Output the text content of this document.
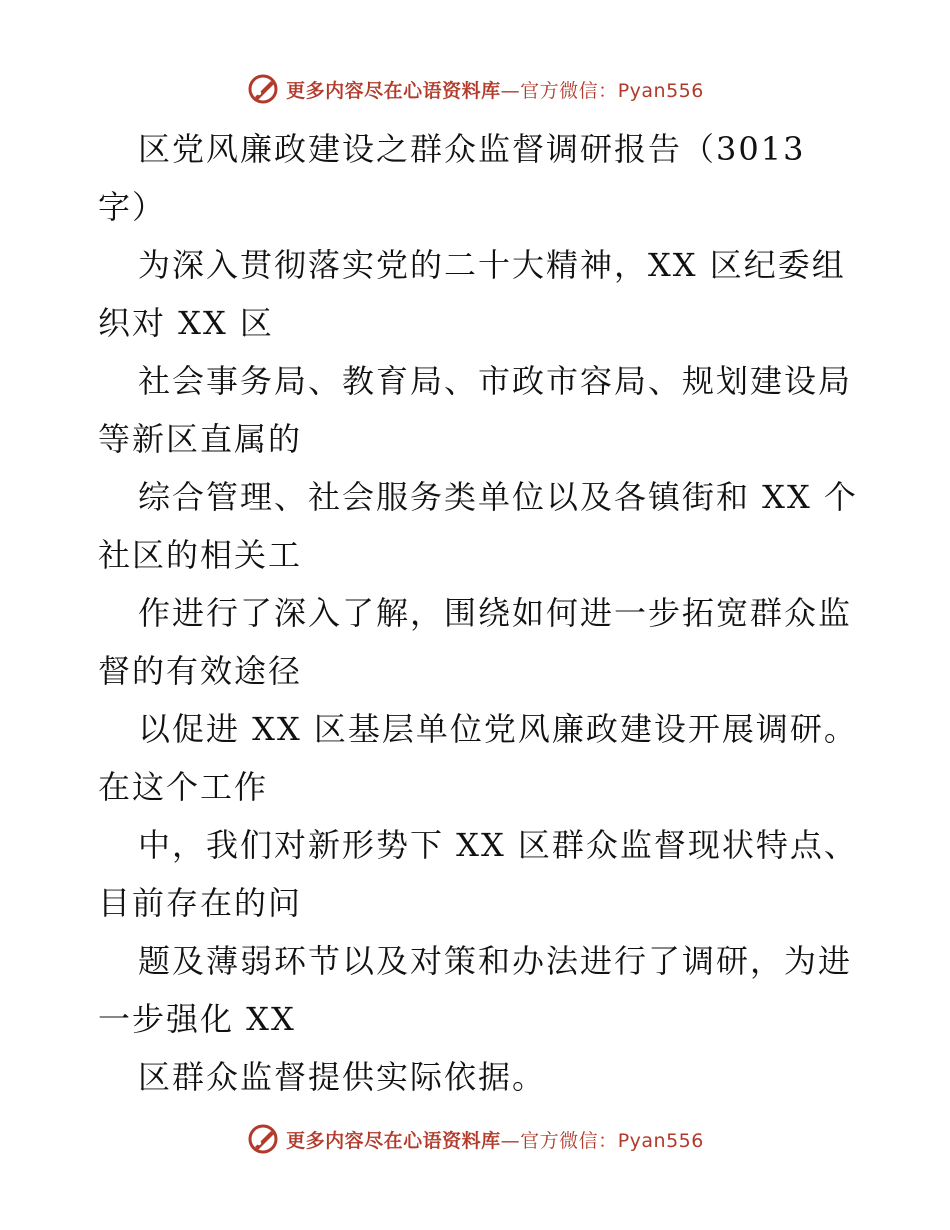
更多内容尽在心语资料库—官方微信：Pyan556

区党风廉政建设之群众监督调研报告（3013
字）

为深入贯彻落实党的二十大精神，XX 区纪委组
织对 XX 区

社会事务局、教育局、市政市容局、规划建设局
等新区直属的

综合管理、社会服务类单位以及各镇街和 XX 个
社区的相关工

作进行了深入了解，围绕如何进一步拓宽群众监
督的有效途径

以促进 XX 区基层单位党风廉政建设开展调研。
在这个工作

中，我们对新形势下 XX 区群众监督现状特点、
目前存在的问

题及薄弱环节以及对策和办法进行了调研，为进
一步强化 XX

区群众监督提供实际依据。

更多内容尽在心语资料库—官方微信：Pyan556
